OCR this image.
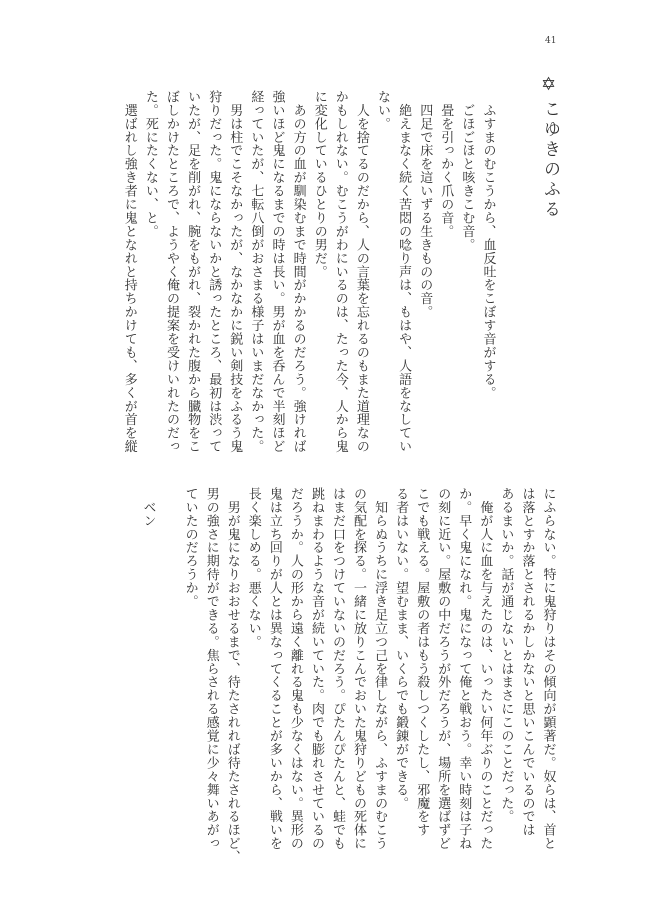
41
✡
こゆきのふる
　ふすまのむこうから、血反吐をこぼす音がする。
　ごほごほと咳きこむ音。
　畳を引っかく爪の音。
　四足で床を這いずる生きものの音。
　絶えまなく続く苦悶の唸り声は、もはや、人語をなしてい
ない。
　人を捨てるのだから、人の言葉を忘れるのもまた道理なの
かもしれない。むこうがわにいるのは、たった今、人から鬼
に変化しているひとりの男だ。
　あの方の血が馴染むまで時間がかかるのだろう。強ければ
強いほど鬼になるまでの時は長い。男が血を呑んで半刻ほど
経っていたが、七転八倒がおさまる様子はいまだなかった。
　男は柱でこそなかったが、なかなかに鋭い剣技をふるう鬼
狩りだった。鬼にならないかと誘ったところ、最初は渋って
いたが、足を削がれ、腕をもがれ、裂かれた腹から臓物をこ
ぼしかけたところで、ようやく俺の提案を受けいれたのだっ
た。死にたくない、と。
　選ばれし強き者に鬼となれと持ちかけても、多くが首を縦
にふらない。特に鬼狩りはその傾向が顕著だ。奴らは、首と
は落とすか落とされるかしかないと思いこんでいるのでは
あるまいか。話が通じないとはまさにこのことだった。
　俺が人に血を与えたのは、いったい何年ぶりのことだった
か。早く鬼になれ。鬼になって俺と戦おう。幸い時刻は子ね
の刻に近い。屋敷の中だろうが外だろうが、場所を選ばずど
こでも戦える。屋敷の者はもう殺しつくしたし、邪魔をす
る者はいない。望むまま、いくらでも鍛錬ができる。
　知らぬうちに浮き足立つ己を律しながら、ふすまのむこう
の気配を探る。一緒に放りこんでおいた鬼狩りどもの死体に
はまだ口をつけていないのだろう。ぴたんぴたんと、蛙でも
跳ねまわるような音が続いていた。肉でも膨れさせているの
だろうか。人の形から遠く離れる鬼も少なくはない。異形の
鬼は立ち回りが人とは異なってくることが多いから、戦いを
長く楽しめる。悪くない。
　男が鬼になりおおせるまで、待たされれば待たされるほど、
男の強さに期待ができる。焦らされる感覚に少々舞いあがっ
ていたのだろうか。
　ベン
